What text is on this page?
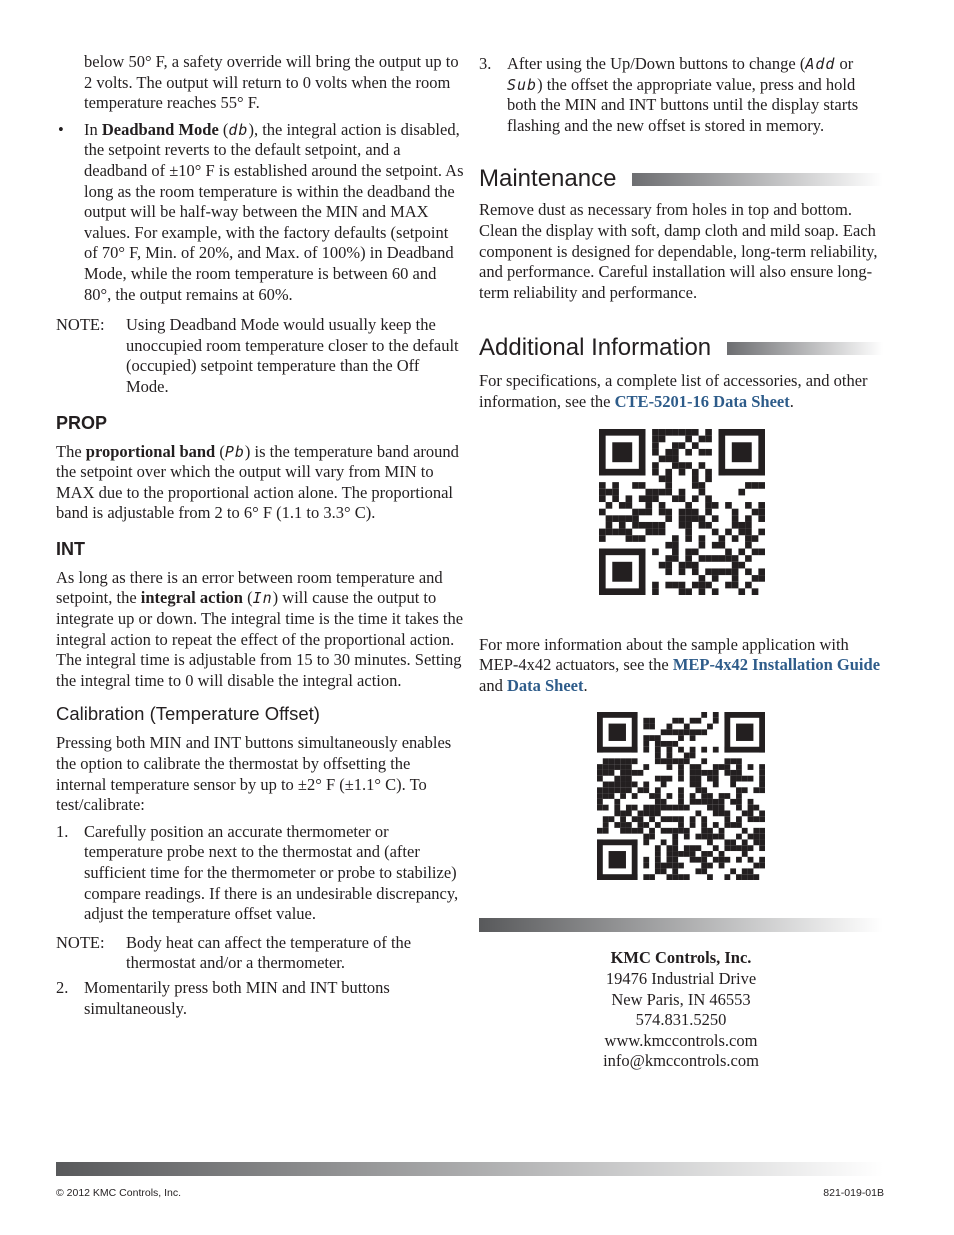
below 50° F, a safety override will bring the output up to 2 volts. The output will return to 0 volts when the room temperature reaches 55° F.

• In Deadband Mode (db), the integral action is disabled, the setpoint reverts to the default setpoint, and a deadband of ±10° F is established around the setpoint. As long as the room temperature is within the deadband the output will be half-way between the MIN and MAX values. For example, with the factory defaults (setpoint of 70° F, Min. of 20%, and Max. of 100%) in Deadband Mode, while the room temperature is between 60 and 80°, the output remains at 60%.
NOTE: Using Deadband Mode would usually keep the unoccupied room temperature closer to the default (occupied) setpoint temperature than the Off Mode.
PROP

The proportional band (Pb) is the temperature band around the setpoint over which the output will vary from MIN to MAX due to the proportional action alone. The proportional band is adjustable from 2 to 6° F (1.1 to 3.3° C).

INT

As long as there is an error between room temperature and setpoint, the integral action (In) will cause the output to integrate up or down. The integral time is the time it takes the integral action to repeat the effect of the proportional action. The integral time is adjustable from 15 to 30 minutes. Setting the integral time to 0 will disable the integral action.

Calibration (Temperature Offset)

Pressing both MIN and INT buttons simultaneously enables the option to calibrate the thermostat by offsetting the internal temperature sensor by up to ±2° F (±1.1° C). To test/calibrate:

1. Carefully position an accurate thermometer or temperature probe next to the thermostat and (after sufficient time for the thermometer or probe to stabilize) compare readings. If there is an undesirable discrepancy, adjust the temperature offset value.
NOTE: Body heat can affect the temperature of the thermostat and/or a thermometer.
2. Momentarily press both MIN and INT buttons simultaneously.
3. After using the Up/Down buttons to change (Add or Sub) the offset the appropriate value, press and hold both the MIN and INT buttons until the display starts flashing and the new offset is stored in memory.
Maintenance

Remove dust as necessary from holes in top and bottom. Clean the display with soft, damp cloth and mild soap. Each component is designed for dependable, long-term reliability, and performance. Careful installation will also ensure long-term reliability and performance.

Additional Information

For specifications, a complete list of accessories, and other information, see the CTE-5201-16 Data Sheet.

For more information about the sample application with MEP-4x42 actuators, see the MEP-4x42 Installation Guide and Data Sheet.

KMC Controls, Inc.
19476 Industrial Drive
New Paris, IN 46553
574.831.5250
www.kmccontrols.com
info@kmccontrols.com
© 2012 KMC Controls, Inc.	821-019-01B
